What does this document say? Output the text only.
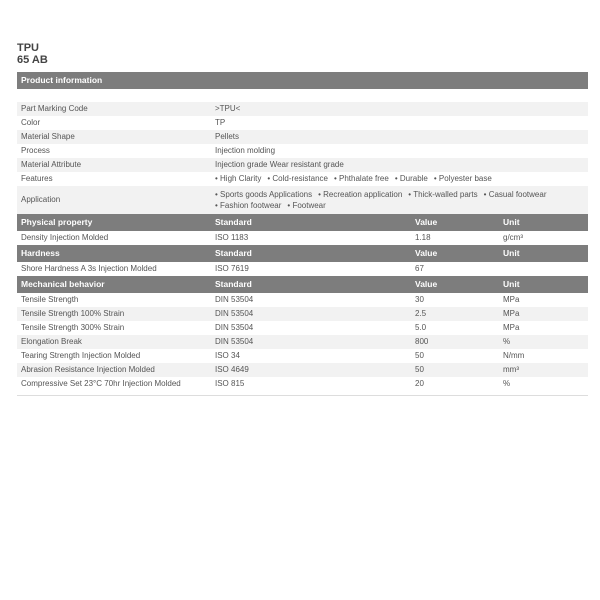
TPU
65 AB
Product information
Part Marking Code	>TPU<
Color	TP
Material Shape	Pellets
Process	Injection molding
Material Attribute	Injection grade Wear resistant grade
Features	• High Clarity • Cold-resistance • Phthalate free • Durable • Polyester base
Application
• Sports goods Applications • Recreation application • Thick-walled parts • Casual footwear
• Fashion footwear • Footwear
Physical property	Standard	Value	Unit
Density Injection Molded	ISO 1183	1.18	g/cm³
Hardness	Standard	Value	Unit
Shore Hardness A 3s Injection Molded	ISO 7619	67
Mechanical behavior	Standard	Value	Unit
Tensile Strength	DIN 53504	30	MPa
Tensile Strength 100% Strain	DIN 53504	2.5	MPa
Tensile Strength 300% Strain	DIN 53504	5.0	MPa
Elongation Break	DIN 53504	800	%
Tearing Strength Injection Molded	ISO 34	50	N/mm
Abrasion Resistance Injection Molded	ISO 4649	50	mm³
Compressive Set 23°C 70hr Injection Molded	ISO 815	20	%
